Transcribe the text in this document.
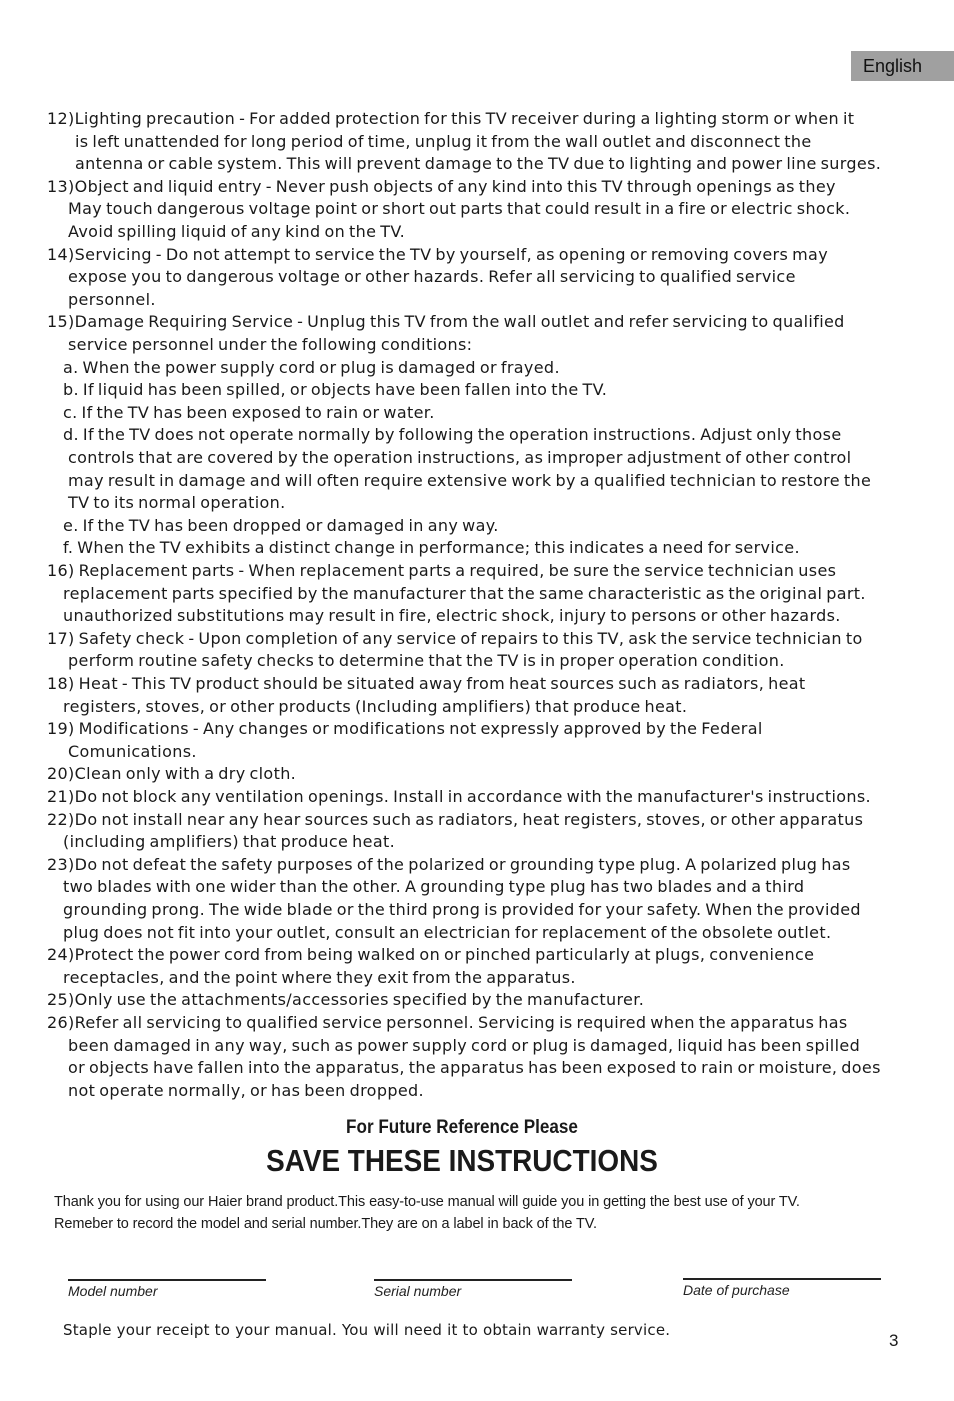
English
12)Lighting precaution - For added protection for this TV receiver during a lighting storm or when it
is left unattended for long period of time, unplug it from the wall outlet and disconnect the
antenna or cable system. This will prevent damage to the TV due to lighting and power line surges.
13)Object and liquid entry - Never push objects of any kind into this TV through openings as they
May touch dangerous voltage point or short out parts that could result in a fire or electric shock.
Avoid spilling liquid of any kind on the TV.
14)Servicing - Do not attempt to service the TV by yourself, as opening or removing covers may
expose you to dangerous voltage or other hazards. Refer all servicing to qualified service
personnel.
15)Damage Requiring Service - Unplug this TV from the wall outlet and refer servicing to qualified
service personnel under the following conditions:
a. When the power supply cord or plug is damaged or frayed.
b. If liquid has been spilled, or objects have been fallen into the TV.
c. If the TV has been exposed to rain or water.
d. If the TV does not operate normally by following the operation instructions. Adjust only those
controls that are covered by the operation instructions, as improper adjustment of other control
may result in damage and will often require extensive work by a qualified technician to restore the
TV to its normal operation.
e. If the TV has been dropped or damaged in any way.
f. When the TV exhibits a distinct change in performance; this indicates a need for service.
16) Replacement parts - When replacement parts a required, be sure the service technician uses
replacement parts specified by the manufacturer that the same characteristic as the original part.
unauthorized substitutions may result in fire, electric shock, injury to persons or other hazards.
17) Safety check - Upon completion of any service of repairs to this TV, ask the service technician to
perform routine safety checks to determine that the TV is in proper operation condition.
18) Heat - This TV product should be situated away from heat sources such as radiators, heat
registers, stoves, or other products (Including amplifiers) that produce heat.
19) Modifications - Any changes or modifications not expressly approved by the Federal
Comunications.
20)Clean only with a dry cloth.
21)Do not block any ventilation openings. Install in accordance with the manufacturer's instructions.
22)Do not install near any hear sources such as radiators, heat registers, stoves, or other apparatus
(including amplifiers) that produce heat.
23)Do not defeat the safety purposes of the polarized or grounding type plug. A polarized plug has
two blades with one wider than the other. A grounding type plug has two blades and a third
grounding prong. The wide blade or the third prong is provided for your safety. When the provided
plug does not fit into your outlet, consult an electrician for replacement of the obsolete outlet.
24)Protect the power cord from being walked on or pinched particularly at plugs, convenience
receptacles, and the point where they exit from the apparatus.
25)Only use the attachments/accessories specified by the manufacturer.
26)Refer all servicing to qualified service personnel. Servicing is required when the apparatus has
been damaged in any way, such as power supply cord or plug is damaged, liquid has been spilled
or objects have fallen into the apparatus, the apparatus has been exposed to rain or moisture, does
not operate normally, or has been dropped.
For Future Reference Please
SAVE THESE INSTRUCTIONS
Thank you for using our Haier brand product.This easy-to-use manual will guide you in getting the best use of your TV.
Remeber to record the model and serial number.They are on a label in back of the TV.
Model number	Serial number	Date of purchase
Staple your receipt to your manual. You will need it to obtain warranty service.
3
